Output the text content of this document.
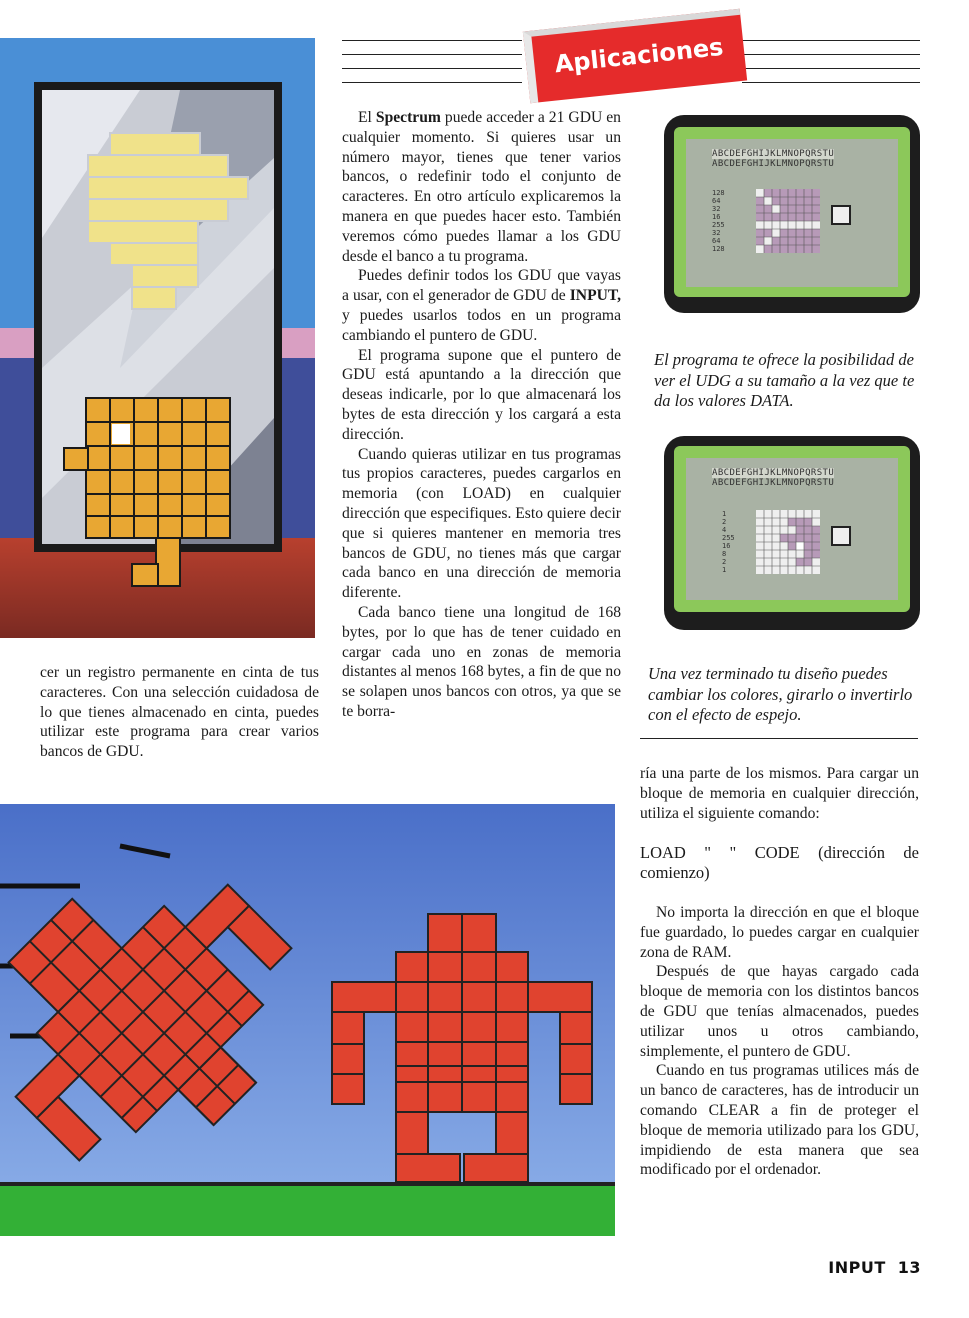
cer un registro permanente en cinta de tus caracteres. Con una selección cuidadosa de lo que tienes almacenado en cinta, puedes utilizar este programa para crear varios bancos de GDU.

Aplicaciones

El Spectrum puede acceder a 21 GDU en cualquier momento. Si quieres usar un número mayor, tienes que tener varios bancos, o redefinir todo el conjunto de caracteres. En otro artículo explicaremos la manera en que puedes hacer esto. También veremos cómo puedes llamar a los GDU desde el banco a tu programa.

Puedes definir todos los GDU que vayas a usar, con el generador de GDU de INPUT, y puedes usarlos todos en un programa cambiando el puntero de GDU.

El programa supone que el puntero de GDU está apuntando a la dirección que deseas indicarle, por lo que almacenará los bytes de esta dirección y los cargará a esta dirección.

Cuando quieras utilizar en tus programas tus propios caracteres, puedes cargarlos en memoria (con LOAD) en cualquier dirección que especifiques. Esto quiere decir que si quieres mantener en memoria tres bancos de GDU, no tienes más que cargar cada banco en una dirección de memoria diferente.

Cada banco tiene una longitud de 168 bytes, por lo que has de tener cuidado en cargar cada uno en zonas de memoria distantes al menos 168 bytes, a fin de que no se solapen unos bancos con otros, ya que se te borra-

ABCDEFGHIJKLMNOPQRSTU
ABCDEFGHIJKLMNOPQRSTU
128
64
32
16
255
32
64
128
El programa te ofrece la posibilidad de ver el UDG a su tamaño a la vez que te da los valores DATA.
ABCDEFGHIJKLMNOPQRSTU
ABCDEFGHIJKLMNOPQRSTU
1
2
4
255
16
8
2
1
Una vez terminado tu diseño puedes cambiar los colores, girarlo o invertirlo con el efecto de espejo.

ría una parte de los mismos. Para cargar un bloque de memoria en cualquier dirección, utiliza el siguiente comando:

LOAD " " CODE (dirección de comienzo)

No importa la dirección en que el bloque fue guardado, lo puedes cargar en cualquier zona de RAM.

Después de que hayas cargado cada bloque de memoria con los distintos bancos de GDU que tenías almacenados, puedes utilizar unos u otros cambiando, simplemente, el puntero de GDU.

Cuando en tus programas utilices más de un banco de caracteres, has de introducir un comando CLEAR a fin de proteger el bloque de memoria utilizado para los GDU, impidiendo de esta manera que sea modificado por el ordenador.

INPUT 13
